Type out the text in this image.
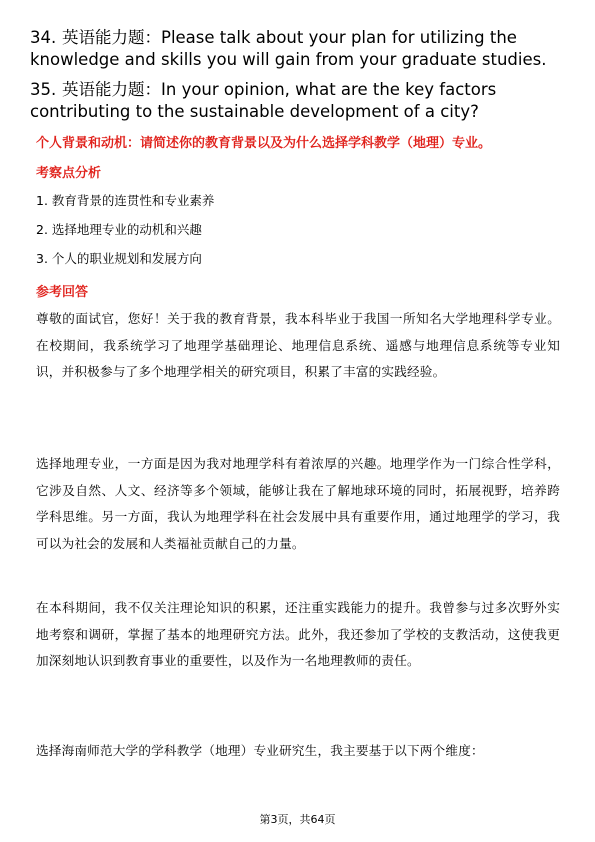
34. 英语能力题：Please talk about your plan for utilizing the knowledge and skills you will gain from your graduate studies.
35. 英语能力题：In your opinion, what are the key factors contributing to the sustainable development of a city?
个人背景和动机：请简述你的教育背景以及为什么选择学科教学（地理）专业。
考察点分析
1. 教育背景的连贯性和专业素养
2. 选择地理专业的动机和兴趣
3. 个人的职业规划和发展方向
参考回答
尊敬的面试官，您好！关于我的教育背景，我本科毕业于我国一所知名大学地理科学专业。在校期间，我系统学习了地理学基础理论、地理信息系统、遥感与地理信息系统等专业知识，并积极参与了多个地理学相关的研究项目，积累了丰富的实践经验。
选择地理专业，一方面是因为我对地理学科有着浓厚的兴趣。地理学作为一门综合性学科，它涉及自然、人文、经济等多个领域，能够让我在了解地球环境的同时，拓展视野，培养跨学科思维。另一方面，我认为地理学科在社会发展中具有重要作用，通过地理学的学习，我可以为社会的发展和人类福祉贡献自己的力量。
在本科期间，我不仅关注理论知识的积累，还注重实践能力的提升。我曾参与过多次野外实地考察和调研，掌握了基本的地理研究方法。此外，我还参加了学校的支教活动，这使我更加深刻地认识到教育事业的重要性，以及作为一名地理教师的责任。
选择海南师范大学的学科教学（地理）专业研究生，我主要基于以下两个维度：
第3页，共64页
